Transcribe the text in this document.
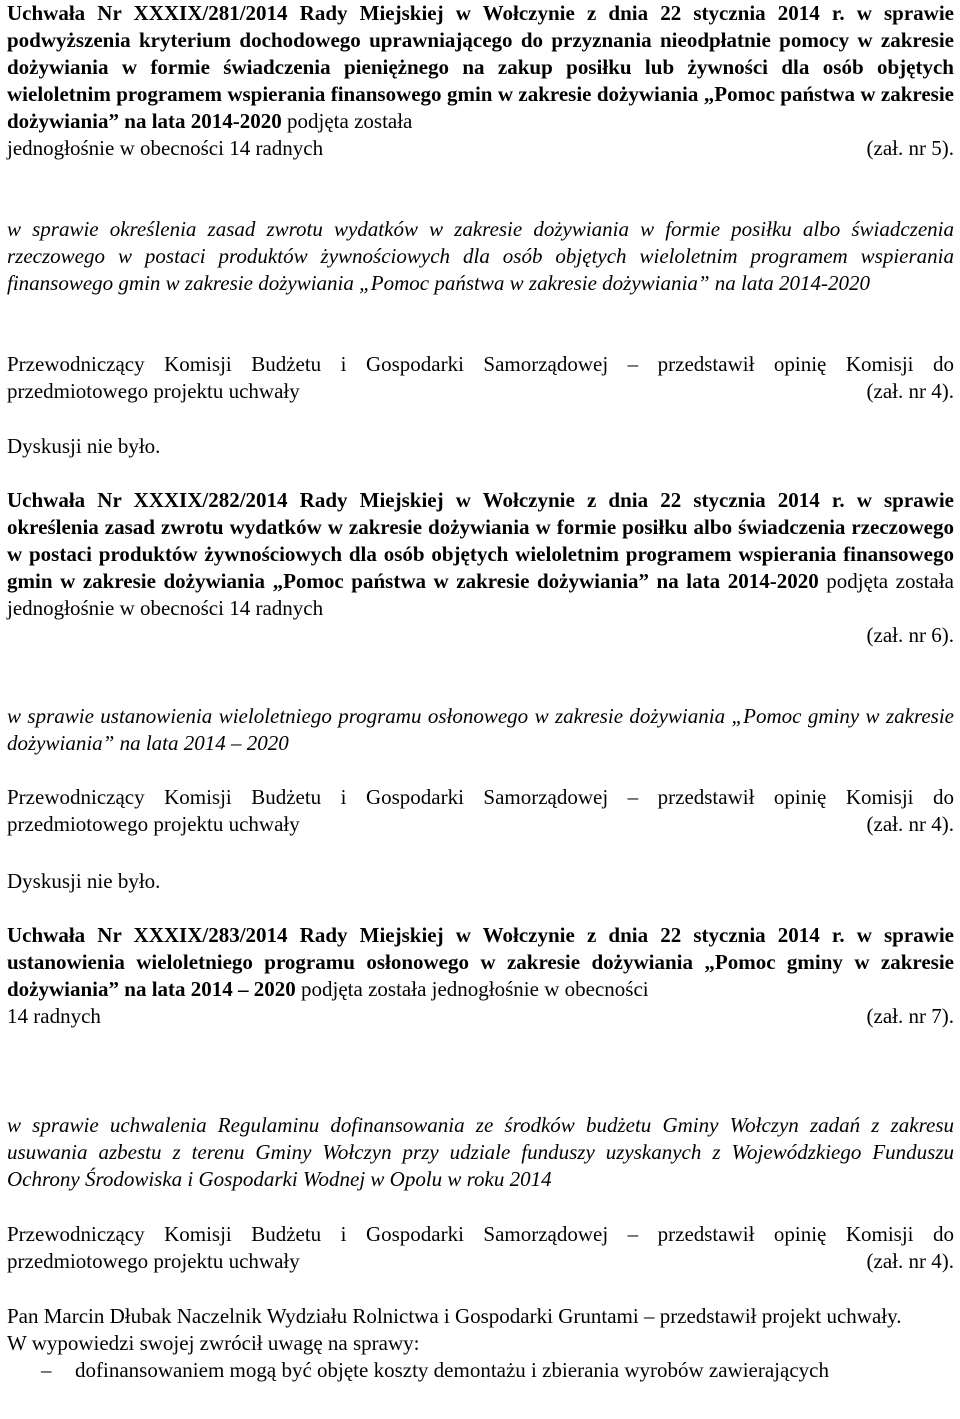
Uchwała Nr XXXIX/281/2014 Rady Miejskiej w Wołczynie z dnia 22 stycznia 2014 r. w sprawie podwyższenia kryterium dochodowego uprawniającego do przyznania nieodpłatnie pomocy w zakresie dożywiania w formie świadczenia pieniężnego na zakup posiłku lub żywności dla osób objętych wieloletnim programem wspierania finansowego gmin w zakresie dożywiania „Pomoc państwa w zakresie dożywiania” na lata 2014-2020 podjęta została

jednogłośnie w obecności 14 radnych	(zał. nr 5).

w sprawie określenia zasad zwrotu wydatków w zakresie dożywiania w formie posiłku albo świadczenia rzeczowego w postaci produktów żywnościowych dla osób objętych wieloletnim programem wspierania finansowego gmin w zakresie dożywiania „Pomoc państwa w zakresie dożywiania” na lata 2014-2020

Przewodniczący Komisji Budżetu i Gospodarki Samorządowej – przedstawił opinię Komisji do

przedmiotowego projektu uchwały	(zał. nr 4).

Dyskusji nie było.

Uchwała Nr XXXIX/282/2014 Rady Miejskiej w Wołczynie z dnia 22 stycznia 2014 r. w sprawie określenia zasad zwrotu wydatków w zakresie dożywiania w formie posiłku albo świadczenia rzeczowego w postaci produktów żywnościowych dla osób objętych wieloletnim programem wspierania finansowego gmin w zakresie dożywiania „Pomoc państwa w zakresie dożywiania” na lata 2014-2020 podjęta została jednogłośnie w obecności 14 radnych

(zał. nr 6).

w sprawie ustanowienia wieloletniego programu osłonowego w zakresie dożywiania „Pomoc gminy w zakresie dożywiania” na lata 2014 – 2020

Przewodniczący Komisji Budżetu i Gospodarki Samorządowej – przedstawił opinię Komisji do

przedmiotowego projektu uchwały	(zał. nr 4).

Dyskusji nie było.

Uchwała Nr XXXIX/283/2014 Rady Miejskiej w Wołczynie z dnia 22 stycznia 2014 r. w sprawie ustanowienia wieloletniego programu osłonowego w zakresie dożywiania „Pomoc gminy w zakresie dożywiania” na lata 2014 – 2020 podjęta została jednogłośnie w obecności

14 radnych	(zał. nr 7).

w sprawie uchwalenia Regulaminu dofinansowania ze środków budżetu Gminy Wołczyn zadań z zakresu usuwania azbestu z terenu Gminy Wołczyn przy udziale funduszy uzyskanych z Wojewódzkiego Funduszu Ochrony Środowiska i Gospodarki Wodnej w Opolu w roku 2014

Przewodniczący Komisji Budżetu i Gospodarki Samorządowej – przedstawił opinię Komisji do

przedmiotowego projektu uchwały	(zał. nr 4).

Pan Marcin Dłubak Naczelnik Wydziału Rolnictwa i Gospodarki Gruntami – przedstawił projekt uchwały.

W wypowiedzi swojej zwrócił uwagę na sprawy:

– dofinansowaniem mogą być objęte koszty demontażu i zbierania wyrobów zawierających
